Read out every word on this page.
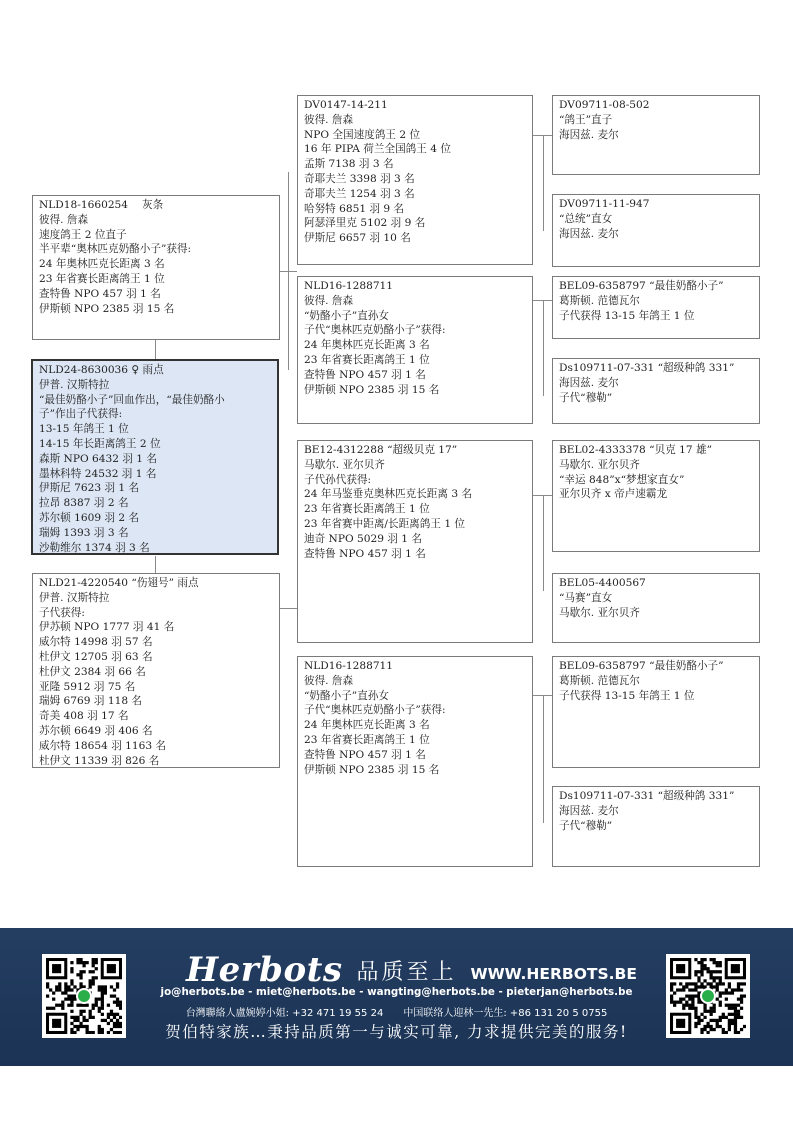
NLD18-1660254　 灰条
彼得. 詹森
速度鸽王 2 位直子
半平辈“奥林匹克奶酪小子”获得:
24 年奥林匹克长距离 3 名
23 年省赛长距离鸽王 1 位
查特鲁 NPO 457 羽 1 名
伊斯顿 NPO 2385 羽 15 名
NLD24-8630036 ♀ 雨点
伊普. 汉斯特拉
“最佳奶酪小子”回血作出，“最佳奶酪小
子”作出子代获得:
13-15 年鸽王 1 位
14-15 年长距离鸽王 2 位
森斯 NPO 6432 羽 1 名
墨林科特 24532 羽 1 名
伊斯尼 7623 羽 1 名
拉昂 8387 羽 2 名
苏尔顿 1609 羽 2 名
瑞姆 1393 羽 3 名
沙勒维尔 1374 羽 3 名
NLD21-4220540 “伤翅号” 雨点
伊普. 汉斯特拉
子代获得:
伊苏顿 NPO 1777 羽 41 名
威尔特 14998 羽 57 名
杜伊文 12705 羽 63 名
杜伊文 2384 羽 66 名
亚隆 5912 羽 75 名
瑞姆 6769 羽 118 名
奇美 408 羽 17 名
苏尔顿 6649 羽 406 名
威尔特 18654 羽 1163 名
杜伊文 11339 羽 826 名
DV0147-14-211
彼得. 詹森
NPO 全国速度鸽王 2 位
16 年 PIPA 荷兰全国鸽王 4 位
孟斯 7138 羽 3 名
奇耶夫兰 3398 羽 3 名
奇耶夫兰 1254 羽 3 名
哈努特 6851 羽 9 名
阿瑟泽里克 5102 羽 9 名
伊斯尼 6657 羽 10 名
NLD16-1288711
彼得. 詹森
“奶酪小子”直孙女
子代“奥林匹克奶酪小子”获得:
24 年奥林匹克长距离 3 名
23 年省赛长距离鸽王 1 位
查特鲁 NPO 457 羽 1 名
伊斯顿 NPO 2385 羽 15 名
BE12-4312288 “超级贝克 17”
马歇尔. 亚尔贝齐
子代孙代获得:
24 年马鉴垂克奥林匹克长距离 3 名
23 年省赛长距离鸽王 1 位
23 年省赛中距离/长距离鸽王 1 位
迪奇 NPO 5029 羽 1 名
查特鲁 NPO 457 羽 1 名
NLD16-1288711
彼得. 詹森
“奶酪小子”直孙女
子代“奥林匹克奶酪小子”获得:
24 年奥林匹克长距离 3 名
23 年省赛长距离鸽王 1 位
查特鲁 NPO 457 羽 1 名
伊斯顿 NPO 2385 羽 15 名
DV09711-08-502
“鸽王”直子
海因兹. 麦尔
DV09711-11-947
“总统”直女
海因兹. 麦尔
BEL09-6358797 “最佳奶酪小子”
葛斯顿. 范德瓦尔
子代获得 13-15 年鸽王 1 位
Ds109711-07-331 “超级种鸽 331”
海因兹. 麦尔
子代“穆勒”
BEL02-4333378 “贝克 17 雄”
马歇尔. 亚尔贝齐
“幸运 848”x“梦想家直女”
亚尔贝齐 x 帝卢速霸龙
BEL05-4400567
“马赛”直女
马歇尔. 亚尔贝齐
BEL09-6358797 “最佳奶酪小子”
葛斯顿. 范德瓦尔
子代获得 13-15 年鸽王 1 位
Ds109711-07-331 “超级种鸽 331”
海因兹. 麦尔
子代“穆勒”
Herbots 品质至上 WWW.HERBOTS.BE
jo@herbots.be - miet@herbots.be - wangting@herbots.be - pieterjan@herbots.be
台灣聯絡人盧婉婷小姐: +32 471 19 55 24　　中国联络人迎林一先生: +86 131 20 5 0755
贺伯特家族…秉持品质第一与诚实可靠, 力求提供完美的服务!
